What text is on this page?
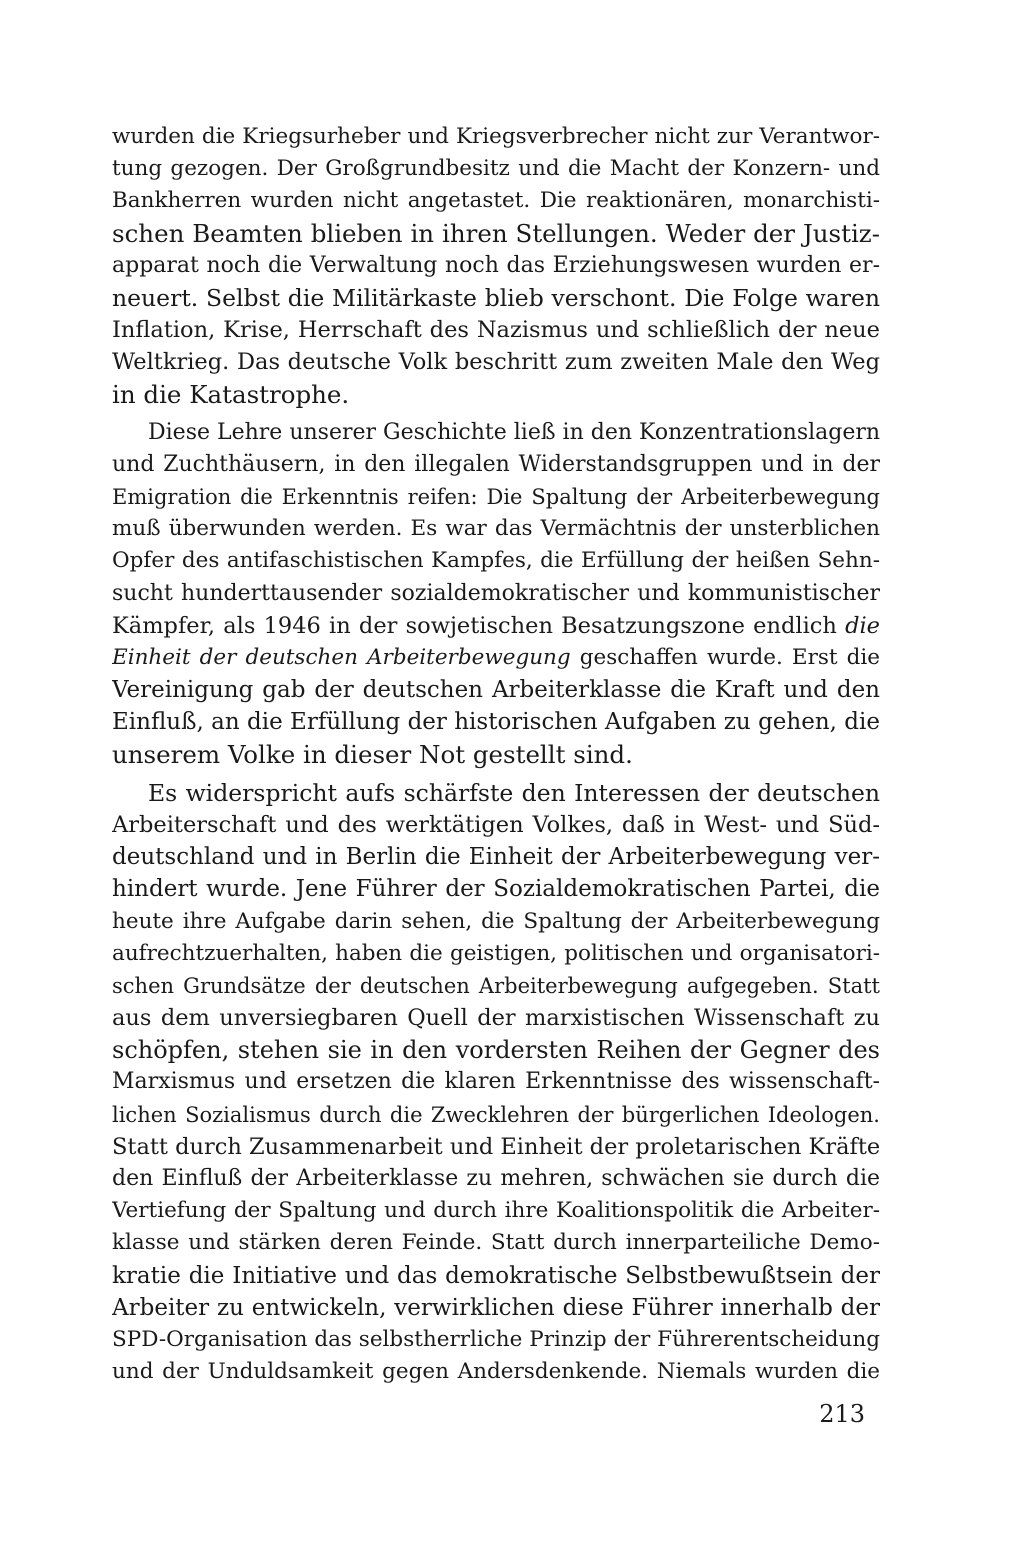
wurden die Kriegsurheber und Kriegsverbrecher nicht zur Verantwor-
tung gezogen. Der Großgrundbesitz und die Macht der Konzern- und
Bankherren wurden nicht angetastet. Die reaktionären, monarchisti-
schen Beamten blieben in ihren Stellungen. Weder der Justiz-
apparat noch die Verwaltung noch das Erziehungswesen wurden er-
neuert. Selbst die Militärkaste blieb verschont. Die Folge waren
Inflation, Krise, Herrschaft des Nazismus und schließlich der neue
Weltkrieg. Das deutsche Volk beschritt zum zweiten Male den Weg
in die Katastrophe.
Diese Lehre unserer Geschichte ließ in den Konzentrationslagern
und Zuchthäusern, in den illegalen Widerstandsgruppen und in der
Emigration die Erkenntnis reifen: Die Spaltung der Arbeiterbewegung
muß überwunden werden. Es war das Vermächtnis der unsterblichen
Opfer des antifaschistischen Kampfes, die Erfüllung der heißen Sehn-
sucht hunderttausender sozialdemokratischer und kommunistischer
Kämpfer, als 1946 in der sowjetischen Besatzungszone endlich die
Einheit der deutschen Arbeiterbewegung geschaffen wurde. Erst die
Vereinigung gab der deutschen Arbeiterklasse die Kraft und den
Einfluß, an die Erfüllung der historischen Aufgaben zu gehen, die
unserem Volke in dieser Not gestellt sind.
Es widerspricht aufs schärfste den Interessen der deutschen
Arbeiterschaft und des werktätigen Volkes, daß in West- und Süd-
deutschland und in Berlin die Einheit der Arbeiterbewegung ver-
hindert wurde. Jene Führer der Sozialdemokratischen Partei, die
heute ihre Aufgabe darin sehen, die Spaltung der Arbeiterbewegung
aufrechtzuerhalten, haben die geistigen, politischen und organisatori-
schen Grundsätze der deutschen Arbeiterbewegung aufgegeben. Statt
aus dem unversiegbaren Quell der marxistischen Wissenschaft zu
schöpfen, stehen sie in den vordersten Reihen der Gegner des
Marxismus und ersetzen die klaren Erkenntnisse des wissenschaft-
lichen Sozialismus durch die Zwecklehren der bürgerlichen Ideologen.
Statt durch Zusammenarbeit und Einheit der proletarischen Kräfte
den Einfluß der Arbeiterklasse zu mehren, schwächen sie durch die
Vertiefung der Spaltung und durch ihre Koalitionspolitik die Arbeiter-
klasse und stärken deren Feinde. Statt durch innerparteiliche Demo-
kratie die Initiative und das demokratische Selbstbewußtsein der
Arbeiter zu entwickeln, verwirklichen diese Führer innerhalb der
SPD-Organisation das selbstherrliche Prinzip der Führerentscheidung
und der Unduldsamkeit gegen Andersdenkende. Niemals wurden die
213
